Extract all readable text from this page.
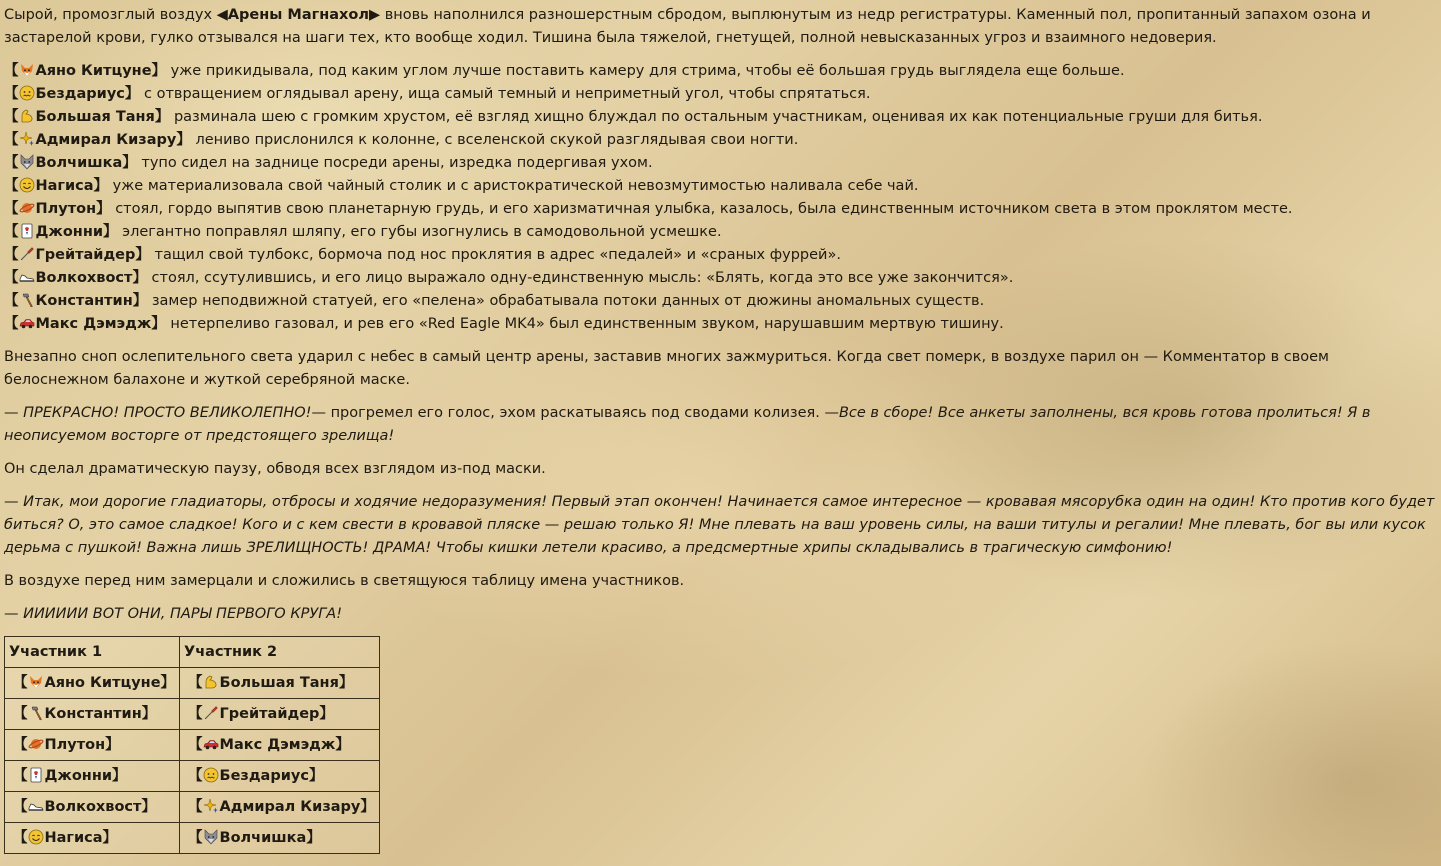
Сырой, промозглый воздух ◀Арены Магнахол▶ вновь наполнился разношерстным сбродом, выплюнутым из недр регистратуры. Каменный пол, пропитанный запахом озона и застарелой крови, гулко отзывался на шаги тех, кто вообще ходил. Тишина была тяжелой, гнетущей, полной невысказанных угроз и взаимного недоверия.

【 Аяно Китцуне】 уже прикидывала, под каким углом лучше поставить камеру для стрима, чтобы её большая грудь выглядела еще больше.
【 Бездариус】 с отвращением оглядывал арену, ища самый темный и неприметный угол, чтобы спрятаться.
【 Большая Таня】 разминала шею с громким хрустом, её взгляд хищно блуждал по остальным участникам, оценивая их как потенциальные груши для битья.
【 Адмирал Кизару】 лениво прислонился к колонне, с вселенской скукой разглядывая свои ногти.
【 Волчишка】 тупо сидел на заднице посреди арены, изредка подергивая ухом.
【 Нагиса】 уже материализовала свой чайный столик и с аристократической невозмутимостью наливала себе чай.
【 Плутон】 стоял, гордо выпятив свою планетарную грудь, и его харизматичная улыбка, казалось, была единственным источником света в этом проклятом месте.
【 Джонни】 элегантно поправлял шляпу, его губы изогнулись в самодовольной усмешке.
【 Грейтайдер】 тащил свой тулбокс, бормоча под нос проклятия в адрес «педалей» и «сраных фуррей».
【 Волкохвост】 стоял, ссутулившись, и его лицо выражало одну-единственную мысль: «Блять, когда это все уже закончится».
【 Константин】 замер неподвижной статуей, его «пелена» обрабатывала потоки данных от дюжины аномальных существ.
【 Макс Дэмэдж】 нетерпеливо газовал, и рев его «Red Eagle MK4» был единственным звуком, нарушавшим мертвую тишину.

Внезапно сноп ослепительного света ударил с небес в самый центр арены, заставив многих зажмуриться. Когда свет померк, в воздухе парил он — Комментатор в своем белоснежном балахоне и жуткой серебряной маске.

— ПРЕКРАСНО! ПРОСТО ВЕЛИКОЛЕПНО!— прогремел его голос, эхом раскатываясь под сводами колизея. —Все в сборе! Все анкеты заполнены, вся кровь готова пролиться! Я в неописуемом восторге от предстоящего зрелища!

Он сделал драматическую паузу, обводя всех взглядом из-под маски.

— Итак, мои дорогие гладиаторы, отбросы и ходячие недоразумения! Первый этап окончен! Начинается самое интересное — кровавая мясорубка один на один! Кто против кого будет биться? О, это самое сладкое! Кого и с кем свести в кровавой пляске — решаю только Я! Мне плевать на ваш уровень силы, на ваши титулы и регалии! Мне плевать, бог вы или кусок дерьма с пушкой! Важна лишь ЗРЕЛИЩНОСТЬ! ДРАМА! Чтобы кишки летели красиво, а предсмертные хрипы складывались в трагическую симфонию!

В воздухе перед ним замерцали и сложились в светящуюся таблицу имена участников.

— ИИИИИИ ВОТ ОНИ, ПАРЫ ПЕРВОГО КРУГА!

Участник 1	Участник 2
【 Аяно Китцуне】	【 Большая Таня】
【 Константин】	【 Грейтайдер】
【 Плутон】	【 Макс Дэмэдж】
【 Джонни】	【 Бездариус】
【 Волкохвост】	【 Адмирал Кизару】
【 Нагиса】	【 Волчишка】
